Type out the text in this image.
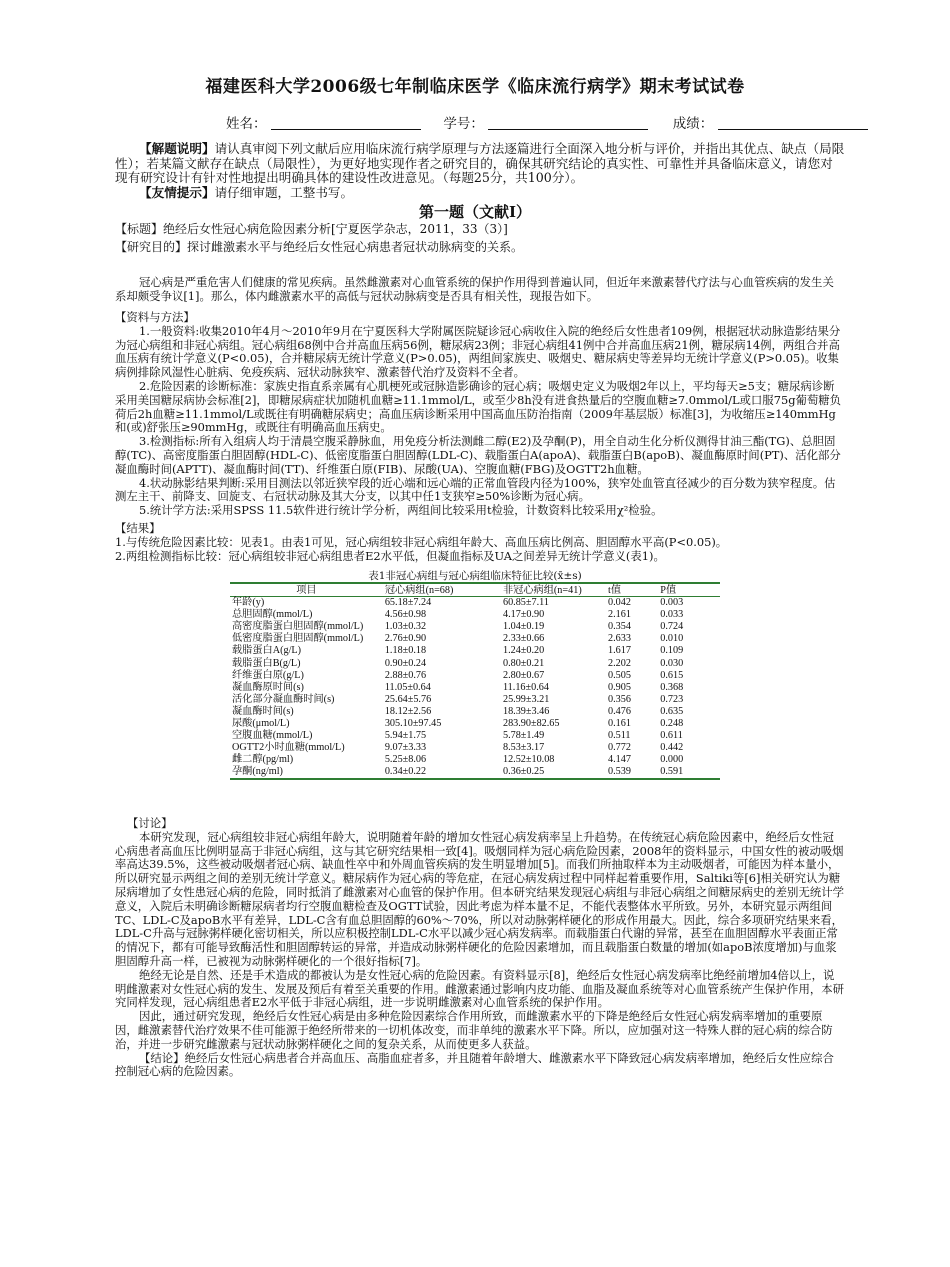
福建医科大学2006级七年制临床医学《临床流行病学》期末考试试卷
姓名：	学号：	成绩：

【解题说明】请认真审阅下列文献后应用临床流行病学原理与方法逐篇进行全面深入地分析与评价，并指出其优点、缺点（局限性）；若某篇文献存在缺点（局限性），为更好地实现作者之研究目的，确保其研究结论的真实性、可靠性并具备临床意义，请您对现有研究设计有针对性地提出明确具体的建设性改进意见。（每题25分，共100分）。

【友情提示】请仔细审题，工整书写。

第一题（文献Ⅰ）

【标题】绝经后女性冠心病危险因素分析[宁夏医学杂志，2011，33（3）]

【研究目的】探讨雌激素水平与绝经后女性冠心病患者冠状动脉病变的关系。

冠心病是严重危害人们健康的常见疾病。虽然雌激素对心血管系统的保护作用得到普遍认同，但近年来激素替代疗法与心血管疾病的发生关系却颇受争议[1]。那么，体内雌激素水平的高低与冠状动脉病变是否具有相关性，现报告如下。

【资料与方法】

1.一般资料:收集2010年4月～2010年9月在宁夏医科大学附属医院疑诊冠心病收住入院的绝经后女性患者109例，根据冠状动脉造影结果分为冠心病组和非冠心病组。冠心病组68例中合并高血压病56例，糖尿病23例；非冠心病组41例中合并高血压病21例，糖尿病14例，两组合并高血压病有统计学意义(P<0.05)，合并糖尿病无统计学意义(P>0.05)，两组间家族史、吸烟史、糖尿病史等差异均无统计学意义(P>0.05)。收集病例排除风湿性心脏病、免疫疾病、冠状动脉狭窄、激素替代治疗及资料不全者。

2.危险因素的诊断标准：家族史指直系亲属有心肌梗死或冠脉造影确诊的冠心病；吸烟史定义为吸烟2年以上，平均每天≥5支；糖尿病诊断采用美国糖尿病协会标准[2]，即糖尿病症状加随机血糖≥11.1mmol/L，或至少8h没有进食热量后的空腹血糖≥7.0mmol/L或口服75g葡萄糖负荷后2h血糖≥11.1mmol/L或既往有明确糖尿病史；高血压病诊断采用中国高血压防治指南（2009年基层版）标准[3]，为收缩压≥140mmHg和(或)舒张压≥90mmHg，或既往有明确高血压病史。

3.检测指标:所有入组病人均于清晨空腹采静脉血，用免疫分析法测雌二醇(E2)及孕酮(P)，用全自动生化分析仪测得甘油三酯(TG)、总胆固醇(TC)、高密度脂蛋白胆固醇(HDL-C)、低密度脂蛋白胆固醇(LDL-C)、载脂蛋白A(apoA)、载脂蛋白B(apoB)、凝血酶原时间(PT)、活化部分凝血酶时间(APTT)、凝血酶时间(TT)、纤维蛋白原(FIB)、尿酸(UA)、空腹血糖(FBG)及OGTT2h血糖。

4.状动脉影结果判断:采用目测法以邻近狭窄段的近心端和远心端的正常血管段内径为100%，狭窄处血管直径减少的百分数为狭窄程度。估测左主干、前降支、回旋支、右冠状动脉及其大分支，以其中任1支狭窄≥50%诊断为冠心病。

5.统计学方法:采用SPSS 11.5软件进行统计学分析，两组间比较采用t检验，计数资料比较采用χ²检验。

【结果】

1.与传统危险因素比较：见表1。由表1可见，冠心病组较非冠心病组年龄大、高血压病比例高、胆固醇水平高(P<0.05)。

2.两组检测指标比较：冠心病组较非冠心病组患者E2水平低，但凝血指标及UA之间差异无统计学意义(表1)。

表1非冠心病组与冠心病组临床特征比较(x̄±s)
项目	冠心病组(n=68)	非冠心病组(n=41)	t值	P值
年龄(y)	65.18±7.24	60.85±7.11	0.042	0.003
总胆固醇(mmol/L)	4.56±0.98	4.17±0.90	2.161	0.033
高密度脂蛋白胆固醇(mmol/L)	1.03±0.32	1.04±0.19	0.354	0.724
低密度脂蛋白胆固醇(mmol/L)	2.76±0.90	2.33±0.66	2.633	0.010
载脂蛋白A(g/L)	1.18±0.18	1.24±0.20	1.617	0.109
载脂蛋白B(g/L)	0.90±0.24	0.80±0.21	2.202	0.030
纤维蛋白原(g/L)	2.88±0.76	2.80±0.67	0.505	0.615
凝血酶原时间(s)	11.05±0.64	11.16±0.64	0.905	0.368
活化部分凝血酶时间(s)	25.64±5.76	25.99±3.21	0.356	0.723
凝血酶时间(s)	18.12±2.56	18.39±3.46	0.476	0.635
尿酸(μmol/L)	305.10±97.45	283.90±82.65	0.161	0.248
空腹血糖(mmol/L)	5.94±1.75	5.78±1.49	0.511	0.611
OGTT2小时血糖(mmol/L)	9.07±3.33	8.53±3.17	0.772	0.442
雌二醇(pg/ml)	5.25±8.06	12.52±10.08	4.147	0.000
孕酮(ng/ml)	0.34±0.22	0.36±0.25	0.539	0.591

【讨论】

本研究发现，冠心病组较非冠心病组年龄大，说明随着年龄的增加女性冠心病发病率呈上升趋势。在传统冠心病危险因素中，绝经后女性冠心病患者高血压比例明显高于非冠心病组，这与其它研究结果相一致[4]。吸烟同样为冠心病危险因素，2008年的资料显示，中国女性的被动吸烟率高达39.5%，这些被动吸烟者冠心病、缺血性卒中和外周血管疾病的发生明显增加[5]。而我们所抽取样本为主动吸烟者，可能因为样本量小，所以研究显示两组之间的差别无统计学意义。糖尿病作为冠心病的等危症，在冠心病发病过程中同样起着重要作用，Saltiki等[6]相关研究认为糖尿病增加了女性患冠心病的危险，同时抵消了雌激素对心血管的保护作用。但本研究结果发现冠心病组与非冠心病组之间糖尿病史的差别无统计学意义，入院后未明确诊断糖尿病者均行空腹血糖检查及OGTT试验，因此考虑为样本量不足，不能代表整体水平所致。另外，本研究显示两组间TC、LDL-C及apoB水平有差异，LDL-C含有血总胆固醇的60%～70%，所以对动脉粥样硬化的形成作用最大。因此，综合多项研究结果来看，LDL-C升高与冠脉粥样硬化密切相关，所以应积极控制LDL-C水平以减少冠心病发病率。而载脂蛋白代谢的异常，甚至在血胆固醇水平表面正常的情况下，都有可能导致酶活性和胆固醇转运的异常，并造成动脉粥样硬化的危险因素增加，而且载脂蛋白数量的增加(如apoB浓度增加)与血浆胆固醇升高一样，已被视为动脉粥样硬化的一个很好指标[7]。

绝经无论是自然、还是手术造成的都被认为是女性冠心病的危险因素。有资料显示[8]，绝经后女性冠心病发病率比绝经前增加4倍以上，说明雌激素对女性冠心病的发生、发展及预后有着至关重要的作用。雌激素通过影响内皮功能、血脂及凝血系统等对心血管系统产生保护作用，本研究同样发现，冠心病组患者E2水平低于非冠心病组，进一步说明雌激素对心血管系统的保护作用。

因此，通过研究发现，绝经后女性冠心病是由多种危险因素综合作用所致，而雌激素水平的下降是绝经后女性冠心病发病率增加的重要原因，雌激素替代治疗效果不佳可能源于绝经所带来的一切机体改变，而非单纯的激素水平下降。所以，应加强对这一特殊人群的冠心病的综合防治，并进一步研究雌激素与冠状动脉粥样硬化之间的复杂关系，从而使更多人获益。

【结论】绝经后女性冠心病患者合并高血压、高脂血症者多，并且随着年龄增大、雌激素水平下降致冠心病发病率增加，绝经后女性应综合控制冠心病的危险因素。
